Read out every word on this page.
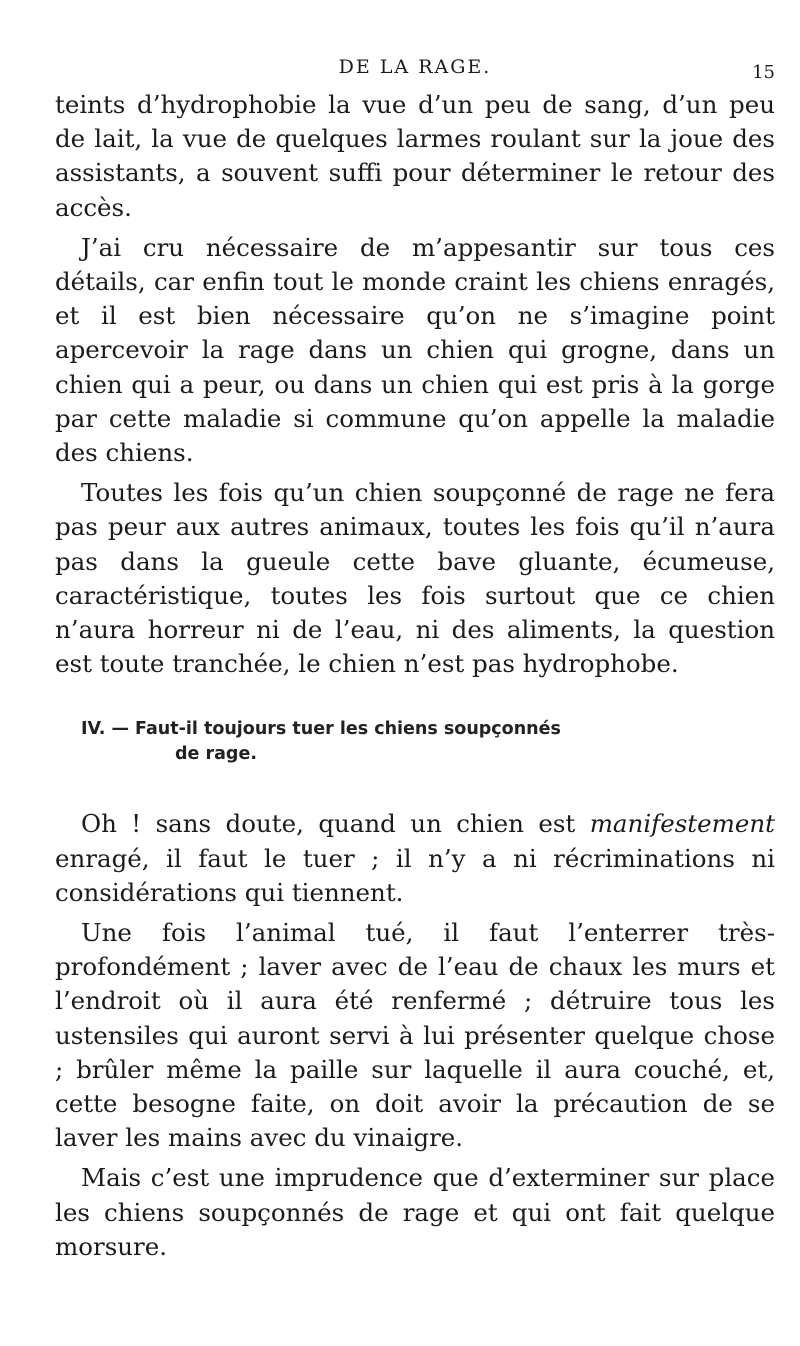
DE LA RAGE.	15

teints d’hydrophobie la vue d’un peu de sang, d’un peu de lait, la vue de quelques larmes roulant sur la joue des assistants, a souvent suffi pour déterminer le retour des accès.

J’ai cru nécessaire de m’appesantir sur tous ces détails, car enfin tout le monde craint les chiens enragés, et il est bien nécessaire qu’on ne s’imagine point apercevoir la rage dans un chien qui grogne, dans un chien qui a peur, ou dans un chien qui est pris à la gorge par cette maladie si commune qu’on appelle la maladie des chiens.

Toutes les fois qu’un chien soupçonné de rage ne fera pas peur aux autres animaux, toutes les fois qu’il n’aura pas dans la gueule cette bave gluante, écumeuse, caractéristique, toutes les fois surtout que ce chien n’aura horreur ni de l’eau, ni des aliments, la question est toute tranchée, le chien n’est pas hydrophobe.

IV. — Faut-il toujours tuer les chiens soupçonnés
de rage.

Oh ! sans doute, quand un chien est manifestement enragé, il faut le tuer ; il n’y a ni récriminations ni considérations qui tiennent.

Une fois l’animal tué, il faut l’enterrer très-profondément ; laver avec de l’eau de chaux les murs et l’endroit où il aura été renfermé ; détruire tous les ustensiles qui auront servi à lui présenter quelque chose ; brûler même la paille sur laquelle il aura couché, et, cette besogne faite, on doit avoir la précaution de se laver les mains avec du vinaigre.

Mais c’est une imprudence que d’exterminer sur place les chiens soupçonnés de rage et qui ont fait quelque morsure.
